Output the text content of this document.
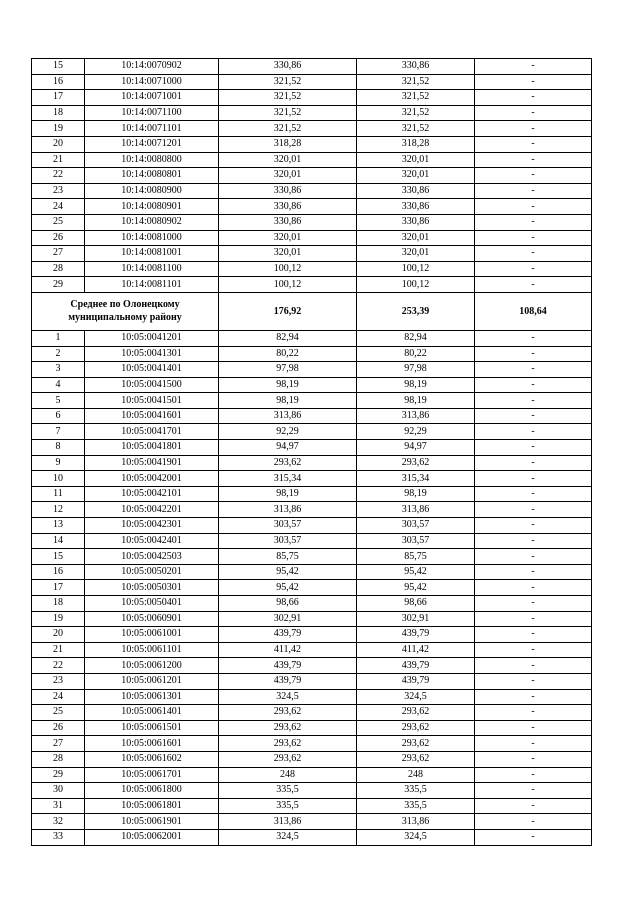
15	10:14:0070902	330,86	330,86	-
16	10:14:0071000	321,52	321,52	-
17	10:14:0071001	321,52	321,52	-
18	10:14:0071100	321,52	321,52	-
19	10:14:0071101	321,52	321,52	-
20	10:14:0071201	318,28	318,28	-
21	10:14:0080800	320,01	320,01	-
22	10:14:0080801	320,01	320,01	-
23	10:14:0080900	330,86	330,86	-
24	10:14:0080901	330,86	330,86	-
25	10:14:0080902	330,86	330,86	-
26	10:14:0081000	320,01	320,01	-
27	10:14:0081001	320,01	320,01	-
28	10:14:0081100	100,12	100,12	-
29	10:14:0081101	100,12	100,12	-
Среднее по Олонецкому муниципальному району		176,92	253,39	108,64
1	10:05:0041201	82,94	82,94	-
2	10:05:0041301	80,22	80,22	-
3	10:05:0041401	97,98	97,98	-
4	10:05:0041500	98,19	98,19	-
5	10:05:0041501	98,19	98,19	-
6	10:05:0041601	313,86	313,86	-
7	10:05:0041701	92,29	92,29	-
8	10:05:0041801	94,97	94,97	-
9	10:05:0041901	293,62	293,62	-
10	10:05:0042001	315,34	315,34	-
11	10:05:0042101	98,19	98,19	-
12	10:05:0042201	313,86	313,86	-
13	10:05:0042301	303,57	303,57	-
14	10:05:0042401	303,57	303,57	-
15	10:05:0042503	85,75	85,75	-
16	10:05:0050201	95,42	95,42	-
17	10:05:0050301	95,42	95,42	-
18	10:05:0050401	98,66	98,66	-
19	10:05:0060901	302,91	302,91	-
20	10:05:0061001	439,79	439,79	-
21	10:05:0061101	411,42	411,42	-
22	10:05:0061200	439,79	439,79	-
23	10:05:0061201	439,79	439,79	-
24	10:05:0061301	324,5	324,5	-
25	10:05:0061401	293,62	293,62	-
26	10:05:0061501	293,62	293,62	-
27	10:05:0061601	293,62	293,62	-
28	10:05:0061602	293,62	293,62	-
29	10:05:0061701	248	248	-
30	10:05:0061800	335,5	335,5	-
31	10:05:0061801	335,5	335,5	-
32	10:05:0061901	313,86	313,86	-
33	10:05:0062001	324,5	324,5	-
